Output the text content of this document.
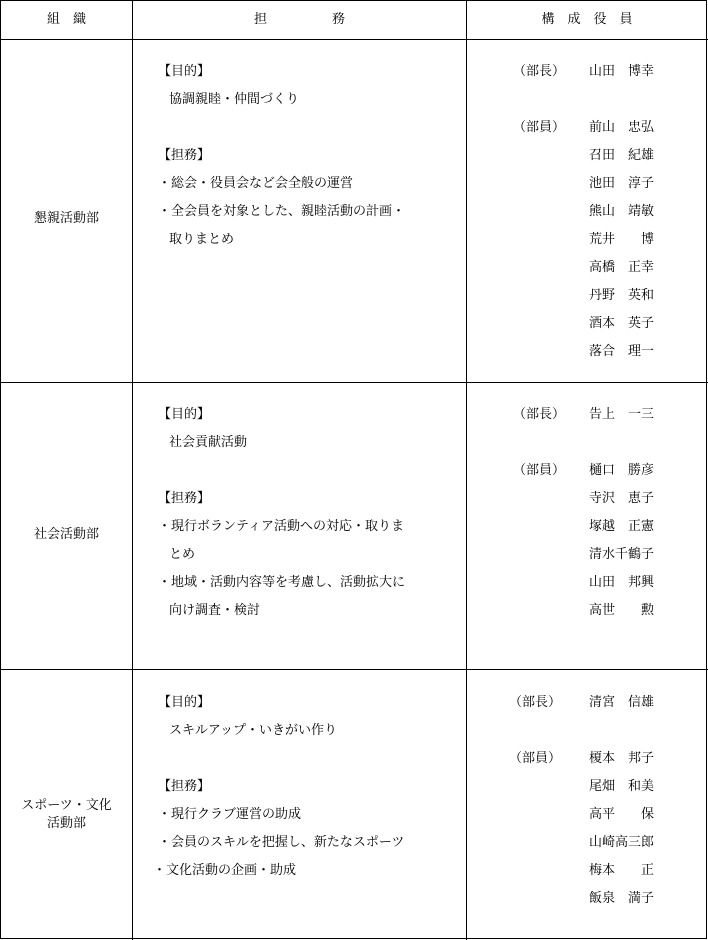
組　織	担　　　　　務	構　成　役　員
懇親活動部
【目的】
協調親睦・仲間づくり
【担務】
・総会・役員会など会全般の運営
・全会員を対象とした、親睦活動の計画・
取りまとめ
（部長） 山田　博幸
（部員） 前山　忠弘
召田　紀雄
池田　淳子
熊山　靖敏
荒井　　博
高橋　正幸
丹野　英和
酒本　英子
落合　理一
社会活動部
【目的】
社会貢献活動
【担務】
・現行ボランティア活動への対応・取りま
とめ
・地域・活動内容等を考慮し、活動拡大に
向け調査・検討
（部長） 告上　一三
（部員） 樋口　勝彦
寺沢　恵子
塚越　正憲
清水千鶴子
山田　邦興
高世　　勲
スポーツ・文化
活動部
【目的】
スキルアップ・いきがい作り
【担務】
・現行クラブ運営の助成
・会員のスキルを把握し、新たなスポーツ
・文化活動の企画・助成
（部長） 清宮　信雄
（部員） 榎本　邦子
尾畑　和美
高平　　保
山崎高三郎
梅本　　正
飯泉　満子
